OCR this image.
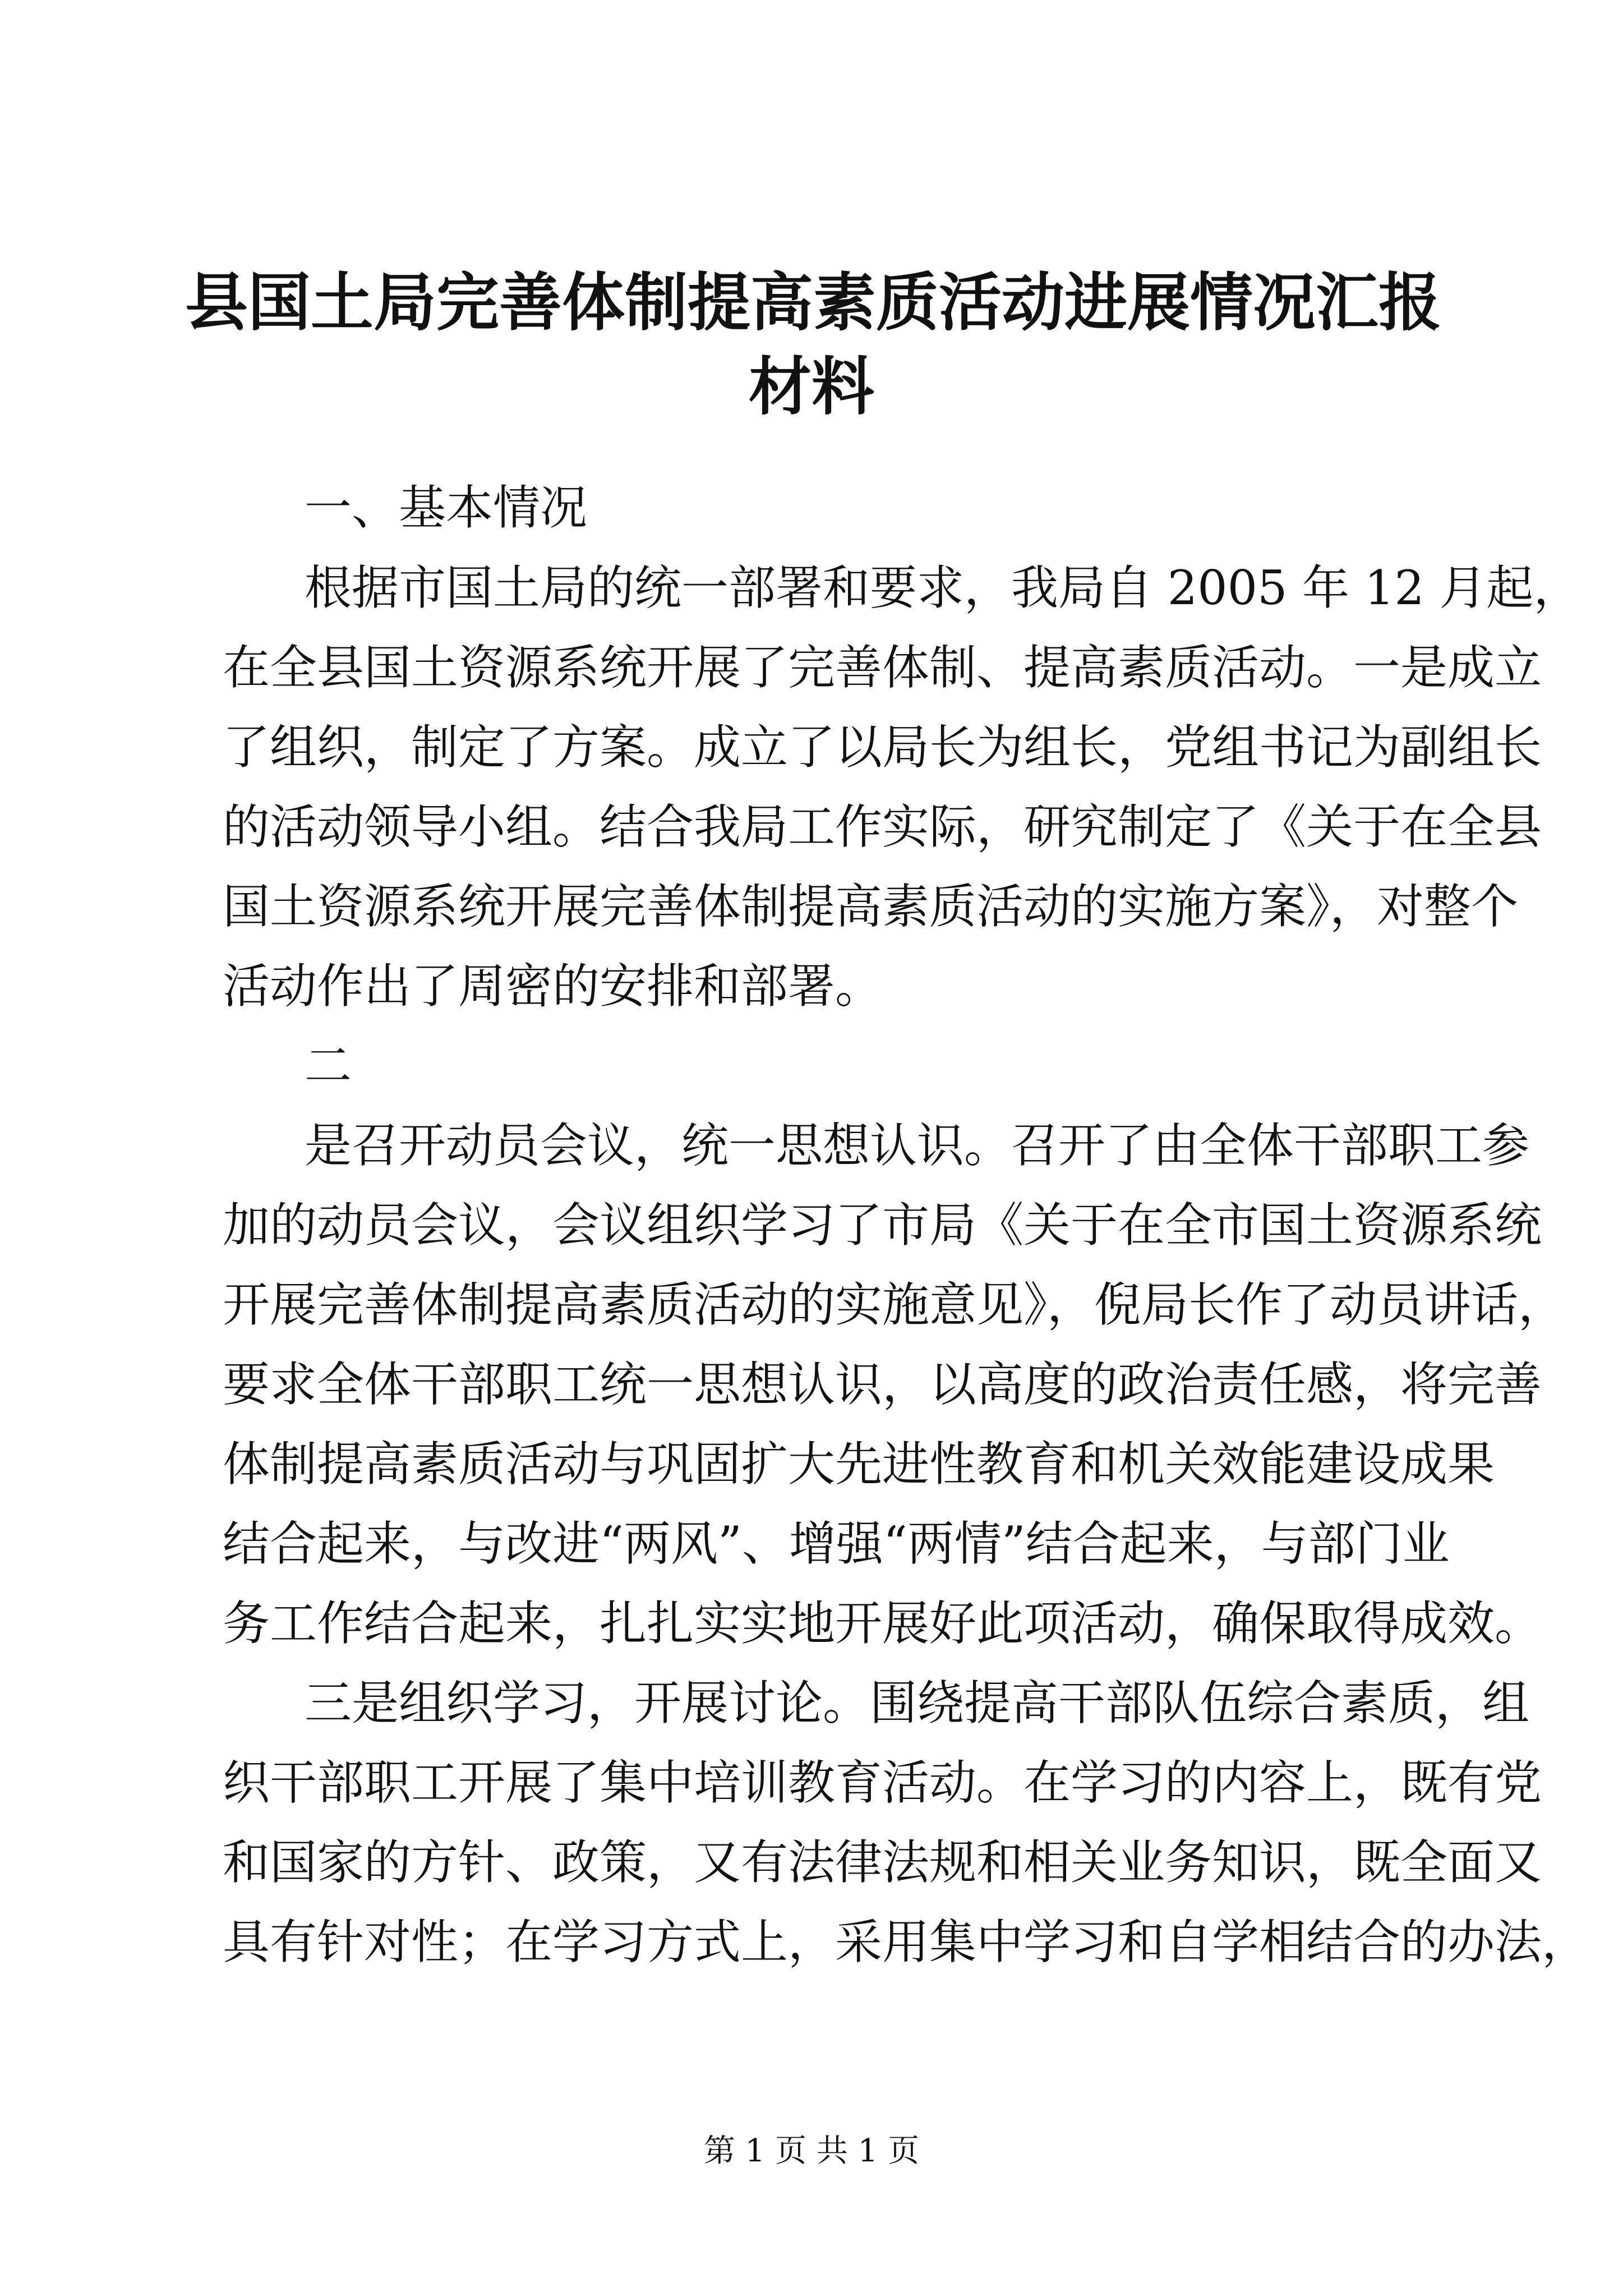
县国土局完善体制提高素质活动进展情况汇报
材料

一、基本情况

根据市国土局的统一部署和要求，我局自 2005 年 12 月起，

在全县国土资源系统开展了完善体制、提高素质活动。一是成立

了组织，制定了方案。成立了以局长为组长，党组书记为副组长

的活动领导小组。结合我局工作实际，研究制定了《关于在全县

国土资源系统开展完善体制提高素质活动的实施方案》，对整个

活动作出了周密的安排和部署。

二

是召开动员会议，统一思想认识。召开了由全体干部职工参

加的动员会议，会议组织学习了市局《关于在全市国土资源系统

开展完善体制提高素质活动的实施意见》，倪局长作了动员讲话，

要求全体干部职工统一思想认识，以高度的政治责任感，将完善

体制提高素质活动与巩固扩大先进性教育和机关效能建设成果

结合起来，与改进“两风”、增强“两情”结合起来，与部门业

务工作结合起来，扎扎实实地开展好此项活动，确保取得成效。

三是组织学习，开展讨论。围绕提高干部队伍综合素质，组

织干部职工开展了集中培训教育活动。在学习的内容上，既有党

和国家的方针、政策，又有法律法规和相关业务知识，既全面又

具有针对性；在学习方式上，采用集中学习和自学相结合的办法，

第 1 页 共 1 页
